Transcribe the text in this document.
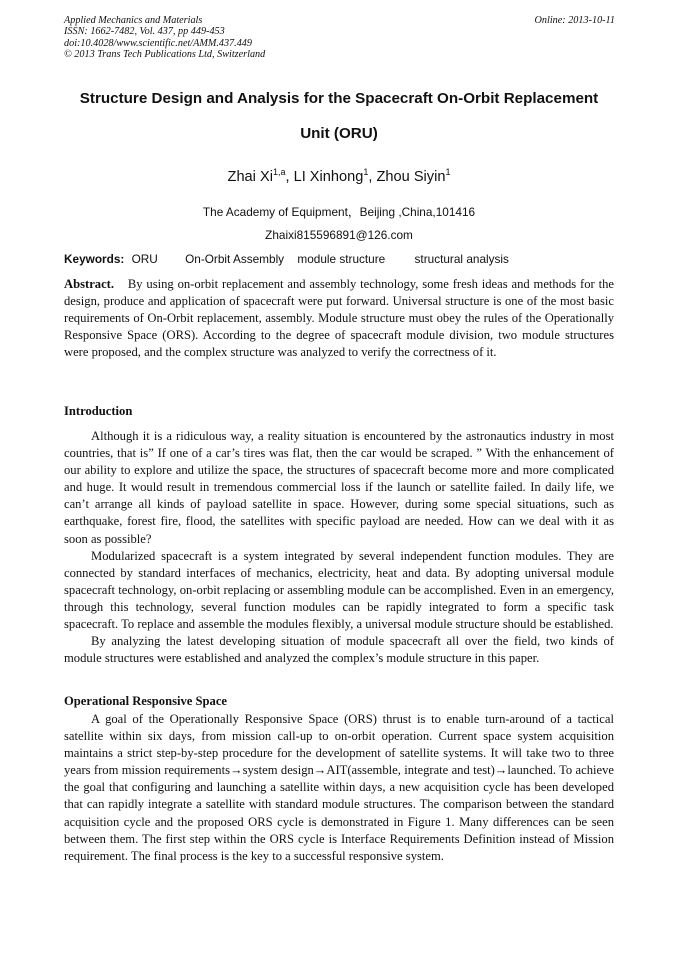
Applied Mechanics and Materials
ISSN: 1662-7482, Vol. 437, pp 449-453
doi:10.4028/www.scientific.net/AMM.437.449
© 2013 Trans Tech Publications Ltd, Switzerland
Online: 2013-10-11
Structure Design and Analysis for the Spacecraft On-Orbit Replacement
Unit (ORU)
Zhai Xi$^{1,a}$, LI Xinhong$^1$, Zhou Siyin$^1$
The Academy of Equipment，Beijing ,China,101416
Zhaixi815596891@126.com
Keywords: ORU On-Orbit Assembly module structure structural analysis
Abstract. By using on-orbit replacement and assembly technology, some fresh ideas and methods for the design, produce and application of spacecraft were put forward. Universal structure is one of the most basic requirements of On-Orbit replacement, assembly. Module structure must obey the rules of the Operationally Responsive Space (ORS). According to the degree of spacecraft module division, two module structures were proposed, and the complex structure was analyzed to verify the correctness of it.
Introduction

Although it is a ridiculous way, a reality situation is encountered by the astronautics industry in most countries, that is” If one of a car’s tires was flat, then the car would be scraped. ” With the enhancement of our ability to explore and utilize the space, the structures of spacecraft become more and more complicated and huge. It would result in tremendous commercial loss if the launch or satellite failed. In daily life, we can’t arrange all kinds of payload satellite in space. However, during some special situations, such as earthquake, forest fire, flood, the satellites with specific payload are needed. How can we deal with it as soon as possible?

Modularized spacecraft is a system integrated by several independent function modules. They are connected by standard interfaces of mechanics, electricity, heat and data. By adopting universal module spacecraft technology, on-orbit replacing or assembling module can be accomplished. Even in an emergency, through this technology, several function modules can be rapidly integrated to form a specific task spacecraft. To replace and assemble the modules flexibly, a universal module structure should be established.

By analyzing the latest developing situation of module spacecraft all over the field, two kinds of module structures were established and analyzed the complex’s module structure in this paper.

Operational Responsive Space

A goal of the Operationally Responsive Space (ORS) thrust is to enable turn-around of a tactical satellite within six days, from mission call-up to on-orbit operation. Current space system acquisition maintains a strict step-by-step procedure for the development of satellite systems. It will take two to three years from mission requirements→system design→AIT(assemble, integrate and test)→launched. To achieve the goal that configuring and launching a satellite within days, a new acquisition cycle has been developed that can rapidly integrate a satellite with standard module structures. The comparison between the standard acquisition cycle and the proposed ORS cycle is demonstrated in Figure 1. Many differences can be seen between them. The first step within the ORS cycle is Interface Requirements Definition instead of Mission requirement. The final process is the key to a successful responsive system.
